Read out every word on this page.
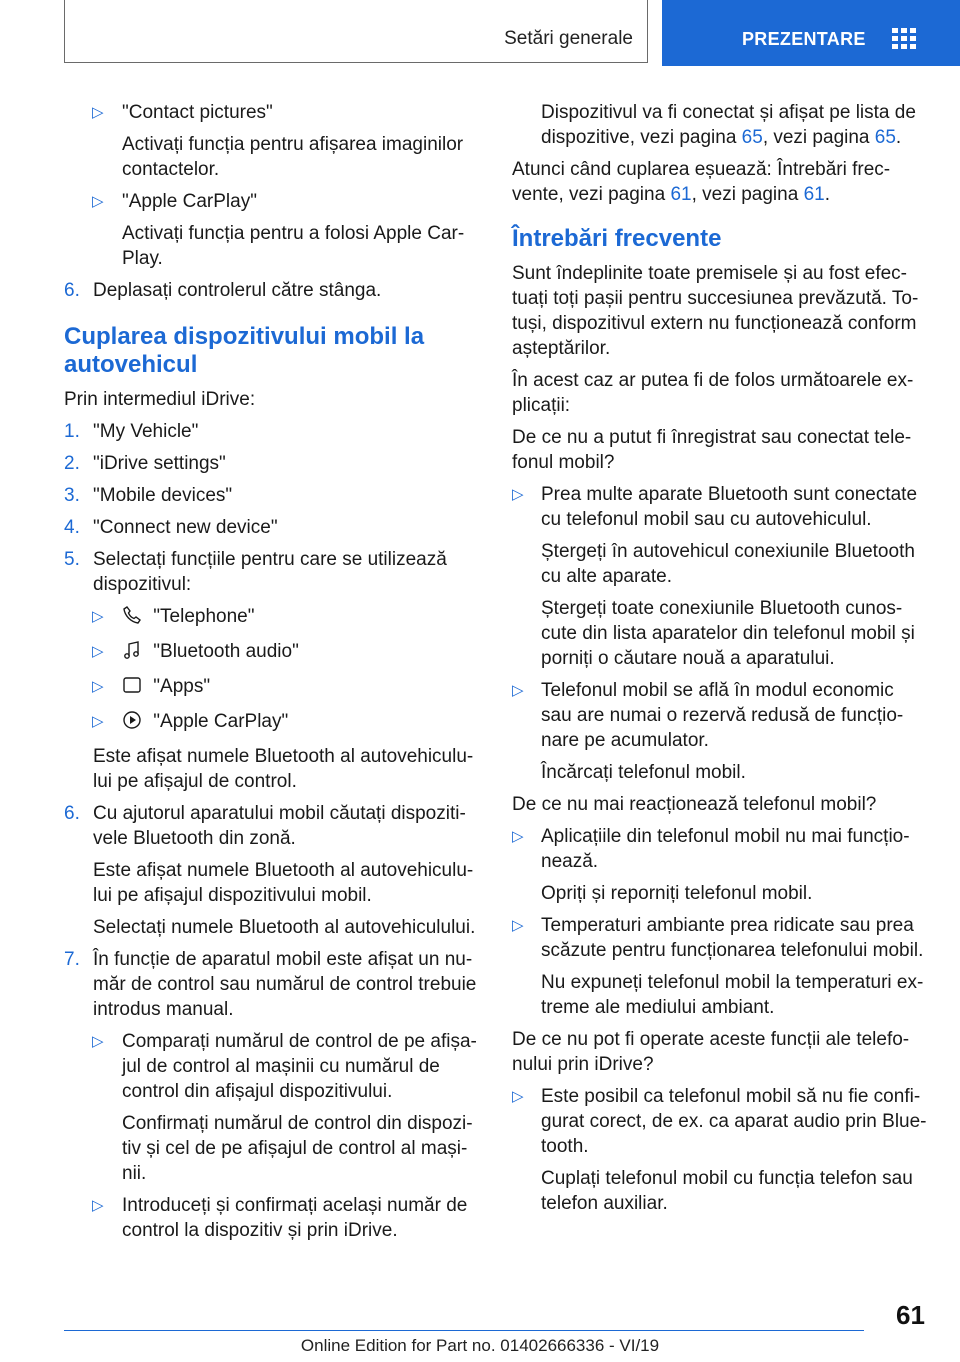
Setări generale	PREZENTARE
▷ "Contact pictures"

Activați funcția pentru afișarea imaginilor

contactelor.

▷ "Apple CarPlay"

Activați funcția pentru a folosi Apple Car-

Play.

6. Deplasați controlerul către stânga.

Cuplarea dispozitivului mobil la

autovehicul

Prin intermediul iDrive:

1. "My Vehicle"

2. "iDrive settings"

3. "Mobile devices"

4. "Connect new device"

5. Selectați funcțiile pentru care se utilizează

dispozitivul:

▷	"Telephone"
▷	"Bluetooth audio"
▷	"Apps"
▷	"Apple CarPlay"

Este afișat numele Bluetooth al autovehiculu-

lui pe afișajul de control.

6. Cu ajutorul aparatului mobil căutați dispoziti-

vele Bluetooth din zonă.

Este afișat numele Bluetooth al autovehiculu-

lui pe afișajul dispozitivului mobil.

Selectați numele Bluetooth al autovehiculului.

7. În funcție de aparatul mobil este afișat un nu-

măr de control sau numărul de control trebuie

introdus manual.

▷ Comparați numărul de control de pe afișa-

jul de control al mașinii cu numărul de

control din afișajul dispozitivului.

Confirmați numărul de control din dispozi-

tiv și cel de pe afișajul de control al mași-

nii.

▷ Introduceți și confirmați același număr de

control la dispozitiv și prin iDrive.

Dispozitivul va fi conectat și afișat pe lista de

dispozitive, vezi pagina 65, vezi pagina 65.

Atunci când cuplarea eșuează: Întrebări frec-

vente, vezi pagina 61, vezi pagina 61.

Întrebări frecvente

Sunt îndeplinite toate premisele și au fost efec-

tuați toți pașii pentru succesiunea prevăzută. To-

tuși, dispozitivul extern nu funcționează conform

așteptărilor.

În acest caz ar putea fi de folos următoarele ex-

plicații:

De ce nu a putut fi înregistrat sau conectat tele-

fonul mobil?

▷ Prea multe aparate Bluetooth sunt conectate

cu telefonul mobil sau cu autovehiculul.

Ștergeți în autovehicul conexiunile Bluetooth

cu alte aparate.

Ștergeți toate conexiunile Bluetooth cunos-

cute din lista aparatelor din telefonul mobil și

porniți o căutare nouă a aparatului.

▷ Telefonul mobil se află în modul economic

sau are numai o rezervă redusă de funcțio-

nare pe acumulator.

Încărcați telefonul mobil.

De ce nu mai reacționează telefonul mobil?

▷ Aplicațiile din telefonul mobil nu mai funcțio-

nează.

Opriți și reporniți telefonul mobil.

▷ Temperaturi ambiante prea ridicate sau prea

scăzute pentru funcționarea telefonului mobil.

Nu expuneți telefonul mobil la temperaturi ex-

treme ale mediului ambiant.

De ce nu pot fi operate aceste funcții ale telefo-

nului prin iDrive?

▷ Este posibil ca telefonul mobil să nu fie confi-

gurat corect, de ex. ca aparat audio prin Blue-

tooth.

Cuplați telefonul mobil cu funcția telefon sau

telefon auxiliar.

61
Online Edition for Part no. 01402666336 - VI/19
